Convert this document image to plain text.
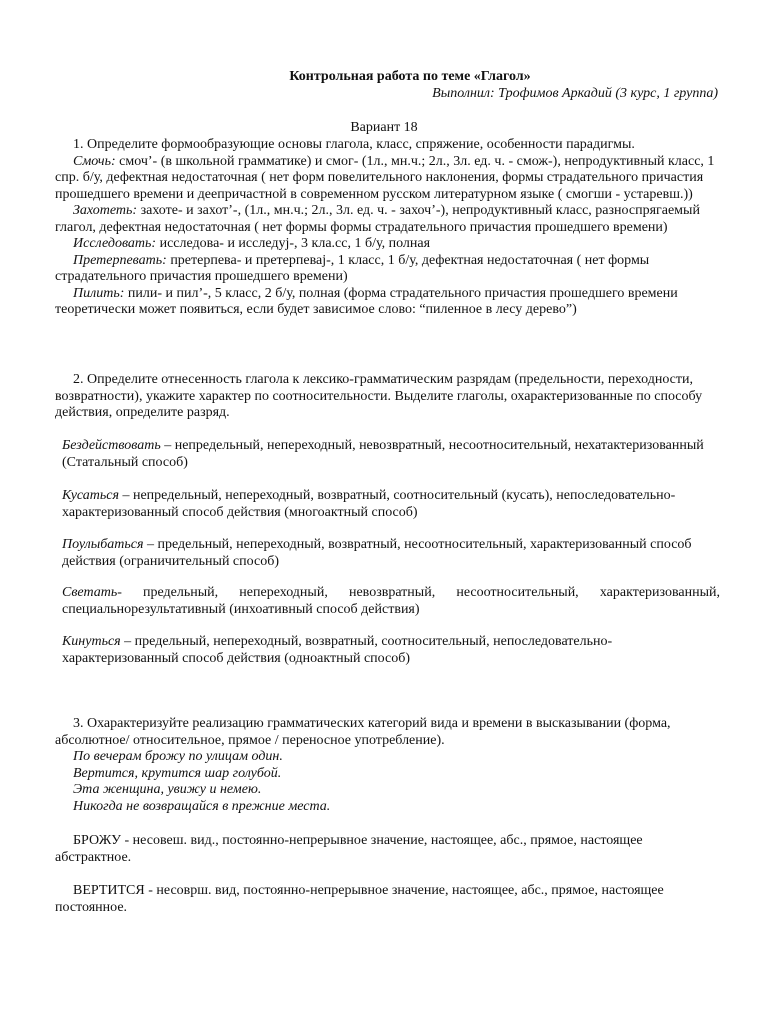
Контрольная работа по теме «Глагол»
Выполнил: Трофимов Аркадий (3 курс, 1 группа)
Вариант 18

1. Определите формообразующие основы глагола, класс, спряжение, особенности парадигмы.

Смочь: смоч’- (в школьной грамматике) и смог- (1л., мн.ч.; 2л., 3л. ед. ч. - смож-), непродуктивный класс, 1 спр. б/у, дефектная недостаточная ( нет форм повелительного наклонения, формы страдательного причастия прошедшего времени и деепричастной в современном русском литературном языке ( смогши - устаревш.))

Захотеть: захоте- и захот’-, (1л., мн.ч.; 2л., 3л. ед. ч. - захоч’-), непродуктивный класс, разноспрягаемый глагол, дефектная недостаточная ( нет формы формы страдательного причастия прошедшего времени)

Исследовать: исследова- и исследуj-, 3 кла.сс, 1 б/у, полная

Претерпевать: претерпева- и претерпеваj-, 1 класс, 1 б/у, дефектная недостаточная ( нет формы страдательного причастия прошедшего времени)

Пилить: пили- и пил’-, 5 класс, 2 б/у, полная (форма страдательного причастия прошедшего времени теоретически может появиться, если будет зависимое слово: “пиленное в лесу дерево”)

2. Определите отнесенность глагола к лексико-грамматическим разрядам (предельности, переходности, возвратности), укажите характер по соотносительности. Выделите глаголы, охарактеризованные по способу действия, определите разряд.

Бездействовать – непредельный, непереходный, невозвратный, несоотносительный, нехатактеризованный (Статальный способ)

Кусаться – непредельный, непереходный, возвратный, соотносительный (кусать), непоследовательно-характеризованный способ действия (многоактный способ)

Поулыбаться – предельный, непереходный, возвратный, несоотносительный, характеризованный способ действия (ограничительный способ)

Светать- предельный, непереходный, невозвратный, несоотносительный, характеризованный, специальнорезультативный (инхоативный способ действия)

Кинуться – предельный, непереходный, возвратный, соотносительный, непоследовательно-характеризованный способ действия (одноактный способ)

3. Охарактеризуйте реализацию грамматических категорий вида и времени в высказывании (форма, абсолютное/ относительное, прямое / переносное употребление).

По вечерам брожу по улицам один.

Вертится, крутится шар голубой.

Эта женщина, увижу и немею.

Никогда не возвращайся в прежние места.

БРОЖУ - несовеш. вид., постоянно-непрерывное значение, настоящее, абс., прямое, настоящее абстрактное.

ВЕРТИТСЯ - несоврш. вид, постоянно-непрерывное значение, настоящее, абс., прямое, настоящее постоянное.
